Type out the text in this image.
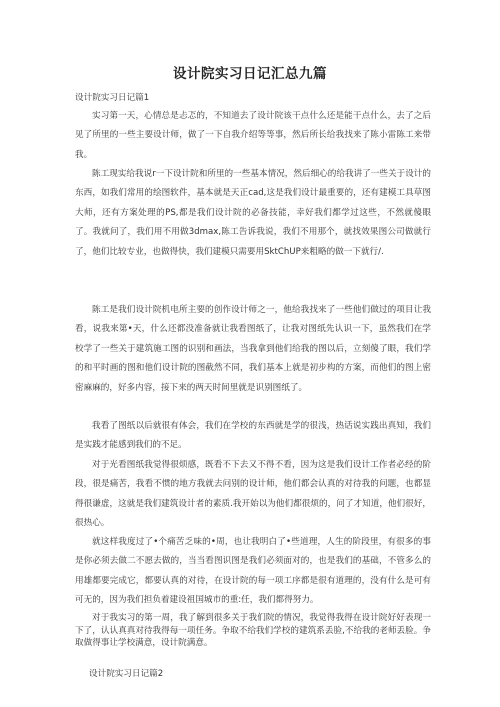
设计院实习日记汇总九篇
设计院实习日记篇1
实习第一天，心情总是忐忑的，不知道去了设计院该干点什么还是能干点什么，去了之后见了所里的一些主要设计师，做了一下自我介绍等等事，然后所长给我找来了陈小雷陈工来带我。
陈工现实给我说r一下设计院和所里的一些基本情况，然后细心的给我讲了一些关于设计的东西，如我们常用的绘图软件，基本就是天正cad,这是我们设计最重要的，还有建模工具草图大师，还有方案处理的PS,都是我们设计院的必备技能，幸好我们都学过这些，不然就傻眼了。我就问了，我们用不用做3dmax,陈工告诉我说，我们不用那个，就找效果图公司做就行了，他们比较专业，也做得快，我们建模只需要用SktChUP来粗略的做一下就行/.
陈工是我们设计院机电所主要的创作设计师之一，他给我找来了一些他们做过的项目让我看，说我来第•天，什么还都没准备就让我看图纸了，让我对图纸先认识一下，虽然我们在学校学了一些关于建筑施工图的识别和画法，当我拿到他们给我的图以后，立刻傻了眼，我们学的和平时画的图和他们设计院的图截然不同，我们基本上就是初步构的方案，而他们的图上密密麻麻的，好多内容，接下来的两天时间里就是识别图纸了。
我看了图纸以后就很有体会，我们在学校的东西就是学的很浅，热话说实践出真知，我们是实践才能感到我们的不足。
对于光看图纸我觉得很烦感，既看不下去又不得不看，因为这是我们设计工作者必经的阶段，很是痛苦，我看不惯的地方我就去问别的设计师，他们都会认真的对待我的问题，也都显得很谦虚，这就是我们建筑设计者的素质.我开始以为他们都很烦的，问了才知道，他们很好，很热心。
就这样我度过了•个痛苦乏味的•周，也让我明白了•些道理，人生的阶段里，有很多的事是你必须去做二不愿去做的，当当看图识图是我们必须面对的，也是我们的基础，不管多么的用雄都要完成它，都要认真的对待，在设计院的每一项工序都是很有道理的，没有什么是可有可无的，因为我们担负着建设祖国城市的重:任，我们都得努力。
对于我实习的第一周，我了解到很多关于我们院的情况，我觉得我得在设计院好好表现一下了，认认真真对待我得每一项任务。争取不给我们学校的建筑系丢脸,不给我的老师丢脸。争取做得事让学校满意，设计院满意。
设计院实习日记篇2
